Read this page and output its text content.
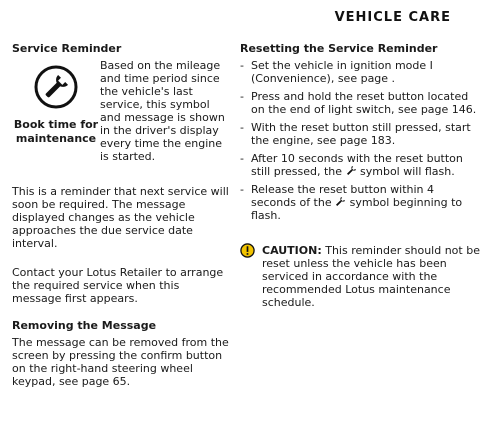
VEHICLE CARE
Service Reminder
Book time for maintenance

Based on the mileage and time period since the vehicle's last service, this symbol and message is shown in the driver's display every time the engine is started.

This is a reminder that next service will soon be required. The message displayed changes as the vehicle approaches the due service date interval.

Contact your Lotus Retailer to arrange the required service when this message first appears.

Removing the Message

The message can be removed from the screen by pressing the confirm button on the right-hand steering wheel keypad, see page 65.

Resetting the Service Reminder
- Set the vehicle in ignition mode I (Convenience), see page .
- Press and hold the reset button located on the end of light switch, see page 146.
- With the reset button still pressed, start the engine, see page 183.
- After 10 seconds with the reset button still pressed, the symbol will flash.
- Release the reset button within 4 seconds of the symbol beginning to flash.
CAUTION: This reminder should not be reset unless the vehicle has been serviced in accordance with the recommended Lotus maintenance schedule.
